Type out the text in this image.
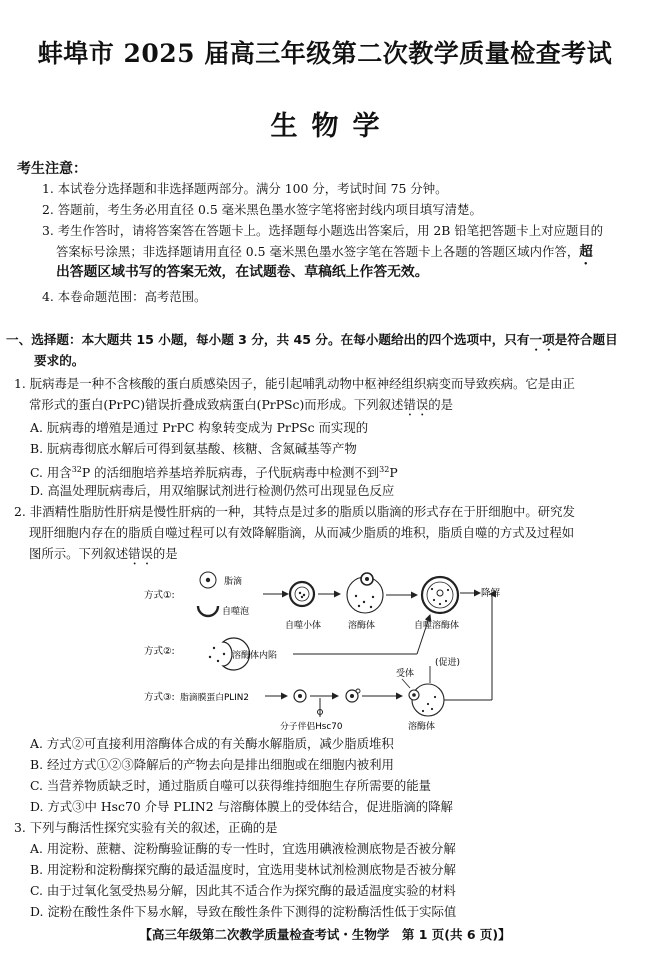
蚌埠市 2025 届高三年级第二次教学质量检查考试
生物学
考生注意：
1. 本试卷分选择题和非选择题两部分。满分 100 分，考试时间 75 分钟。
2. 答题前，考生务必用直径 0.5 毫米黑色墨水签字笔将密封线内项目填写清楚。
3. 考生作答时，请将答案答在答题卡上。选择题每小题选出答案后，用 2B 铅笔把答题卡上对应题目的
答案标号涂黑；非选择题请用直径 0.5 毫米黑色墨水签字笔在答题卡上各题的答题区域内作答，超
出答题区域书写的答案无效，在试题卷、草稿纸上作答无效。
4. 本卷命题范围：高考范围。
一、选择题：本大题共 15 小题，每小题 3 分，共 45 分。在每小题给出的四个选项中，只有一项是符合题目
要求的。
1. 朊病毒是一种不含核酸的蛋白质感染因子，能引起哺乳动物中枢神经组织病变而导致疾病。它是由正
常形式的蛋白(PrPC)错误折叠成致病蛋白(PrPSc)而形成。下列叙述错误的是
A. 朊病毒的增殖是通过 PrPC 构象转变成为 PrPSc 而实现的
B. 朊病毒彻底水解后可得到氨基酸、核糖、含氮碱基等产物
C. 用含$^{32}$P 的活细胞培养基培养朊病毒，子代朊病毒中检测不到$^{32}$P
D. 高温处理朊病毒后，用双缩脲试剂进行检测仍然可出现显色反应
2. 非酒精性脂肪性肝病是慢性肝病的一种，其特点是过多的脂质以脂滴的形式存在于肝细胞中。研究发
现肝细胞内存在的脂质自噬过程可以有效降解脂滴，从而减少脂质的堆积，脂质自噬的方式及过程如
图所示。下列叙述错误的是
方式①:
脂滴
自噬泡
自噬小体	溶酶体	自噬溶酶体
降解
方式②:	溶酶体内陷
方式③: 脂滴膜蛋白PLIN2
分子伴侣Hsc70
受体
溶酶体
(促进)
A. 方式②可直接利用溶酶体合成的有关酶水解脂质，减少脂质堆积
B. 经过方式①②③降解后的产物去向是排出细胞或在细胞内被利用
C. 当营养物质缺乏时，通过脂质自噬可以获得维持细胞生存所需要的能量
D. 方式③中 Hsc70 介导 PLIN2 与溶酶体膜上的受体结合，促进脂滴的降解
3. 下列与酶活性探究实验有关的叙述，正确的是
A. 用淀粉、蔗糖、淀粉酶验证酶的专一性时，宜选用碘液检测底物是否被分解
B. 用淀粉和淀粉酶探究酶的最适温度时，宜选用斐林试剂检测底物是否被分解
C. 由于过氧化氢受热易分解，因此其不适合作为探究酶的最适温度实验的材料
D. 淀粉在酸性条件下易水解，导致在酸性条件下测得的淀粉酶活性低于实际值
【高三年级第二次教学质量检查考试・生物学　第 1 页(共 6 页)】
